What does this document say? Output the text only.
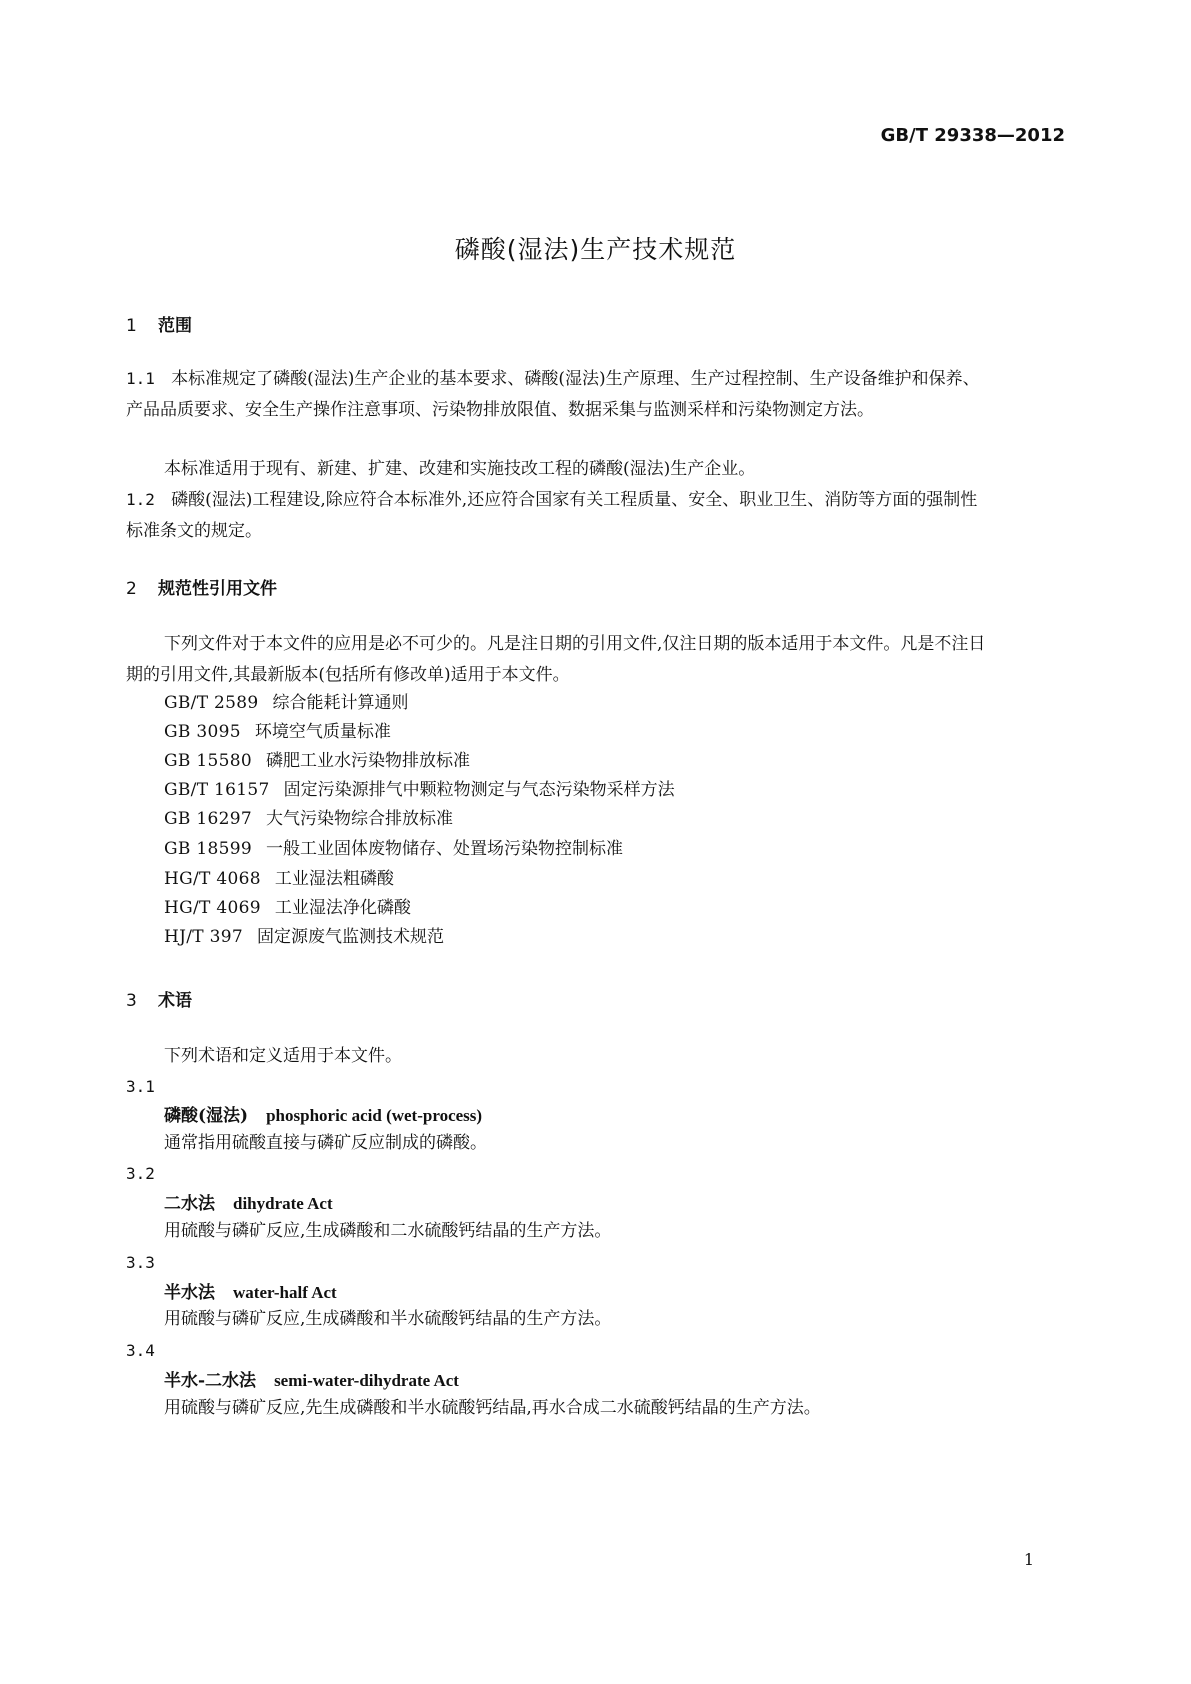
GB/T 29338—2012
磷酸(湿法)生产技术规范
1 范围
1.1 本标准规定了磷酸(湿法)生产企业的基本要求、磷酸(湿法)生产原理、生产过程控制、生产设备维护和保养、产品品质要求、安全生产操作注意事项、污染物排放限值、数据采集与监测采样和污染物测定方法。
本标准适用于现有、新建、扩建、改建和实施技改工程的磷酸(湿法)生产企业。
1.2 磷酸(湿法)工程建设,除应符合本标准外,还应符合国家有关工程质量、安全、职业卫生、消防等方面的强制性标准条文的规定。
2 规范性引用文件
下列文件对于本文件的应用是必不可少的。凡是注日期的引用文件,仅注日期的版本适用于本文件。凡是不注日期的引用文件,其最新版本(包括所有修改单)适用于本文件。
GB/T 2589 综合能耗计算通则
GB 3095 环境空气质量标准
GB 15580 磷肥工业水污染物排放标准
GB/T 16157 固定污染源排气中颗粒物测定与气态污染物采样方法
GB 16297 大气污染物综合排放标准
GB 18599 一般工业固体废物储存、处置场污染物控制标准
HG/T 4068 工业湿法粗磷酸
HG/T 4069 工业湿法净化磷酸
HJ/T 397 固定源废气监测技术规范
3 术语
下列术语和定义适用于本文件。
3.1
磷酸(湿法) phosphoric acid (wet-process)
通常指用硫酸直接与磷矿反应制成的磷酸。
3.2
二水法 dihydrate Act
用硫酸与磷矿反应,生成磷酸和二水硫酸钙结晶的生产方法。
3.3
半水法 water-half Act
用硫酸与磷矿反应,生成磷酸和半水硫酸钙结晶的生产方法。
3.4
半水-二水法 semi-water-dihydrate Act
用硫酸与磷矿反应,先生成磷酸和半水硫酸钙结晶,再水合成二水硫酸钙结晶的生产方法。
1
